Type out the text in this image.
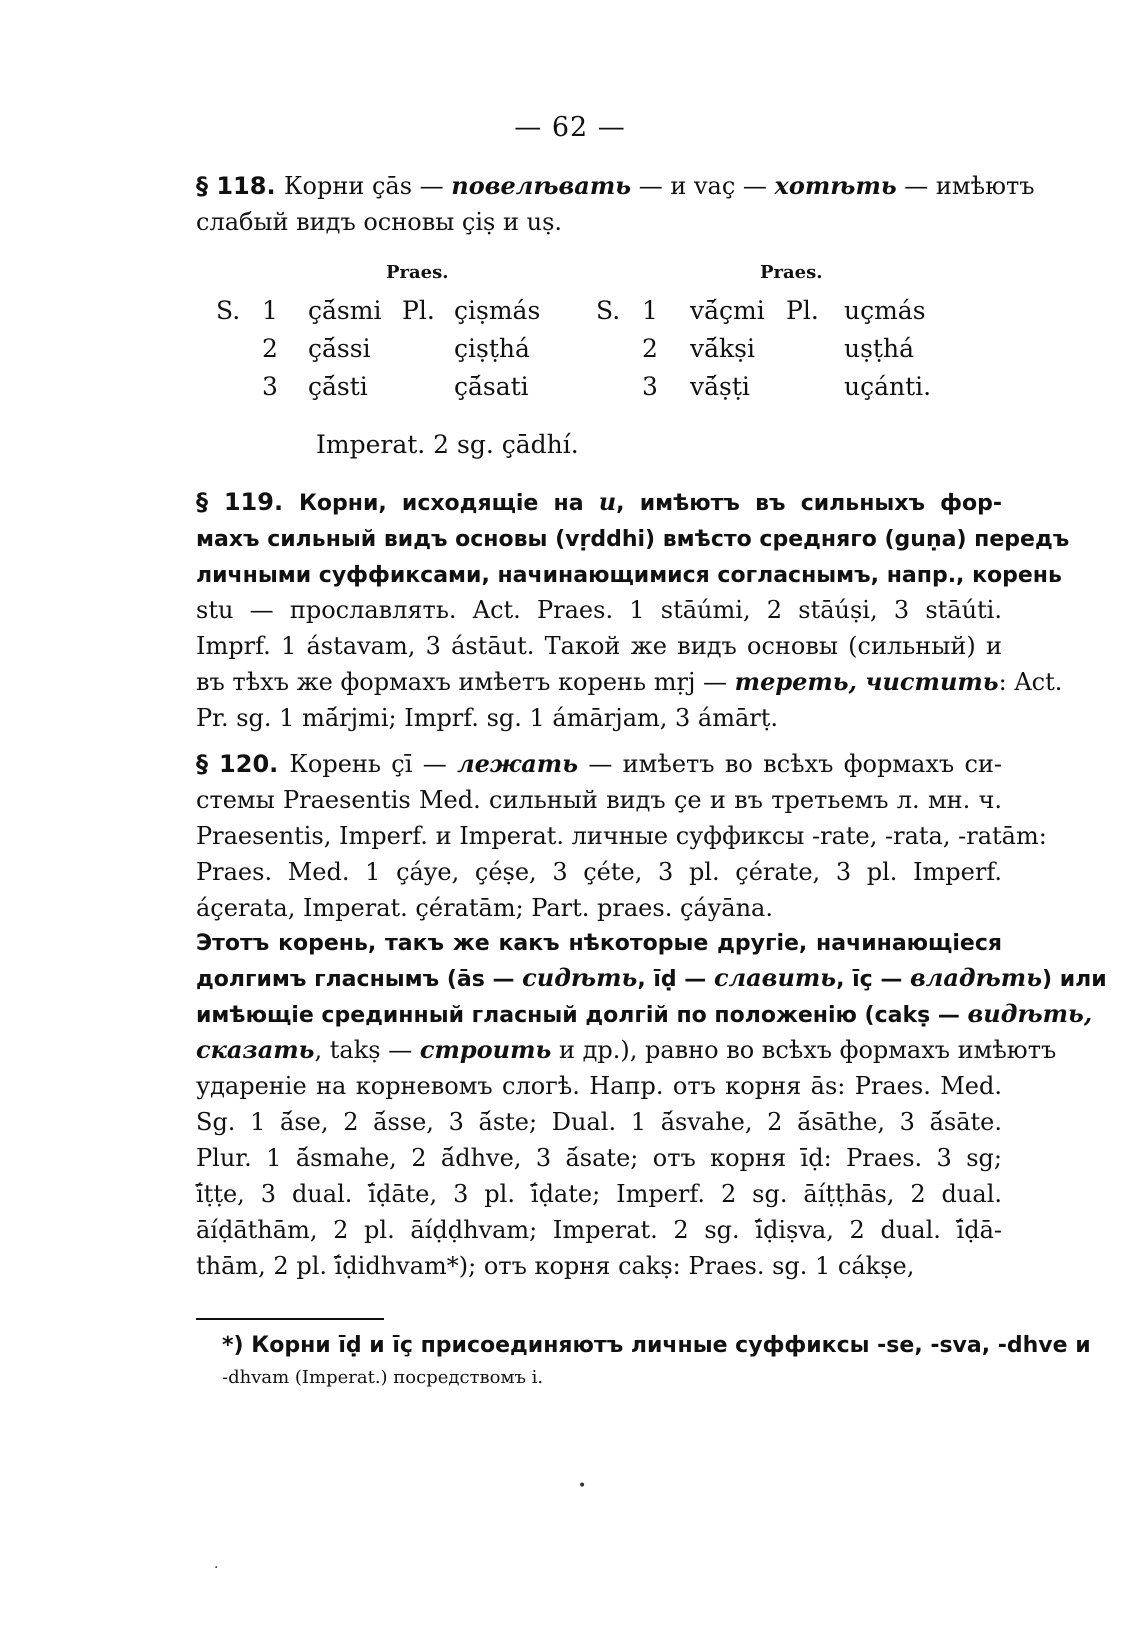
— 62 —
§ 118. Корни çās — повелѣвать — и vaç — хотѣть — имѣютъ
слабый видъ основы çiṣ и uṣ.
Praes.
S. 1
2
3
çā́smi
çā́ssi
çā́sti
Pl. çiṣmás
çiṣṭhá
çā́sati
Praes.
S. 1
2
3
vā́çmi
vā́kṣi
vā́ṣṭi
Pl. uçmás
uṣṭhá
uçánti.
Imperat. 2 sg. çādhí.
§ 119. Корни, исходящіе на u, имѣютъ въ сильныхъ фор-
махъ сильный видъ основы (vṛddhi) вмѣсто средняго (guṇa) передъ
личными суффиксами, начинающимися согласнымъ, напр., корень
stu — прославлять. Act. Praes. 1 stāúmi, 2 stāúṣi, 3 stāúti.
Imprf. 1 ástavam, 3 ástāut. Такой же видъ основы (сильный) и
въ тѣхъ же формахъ имѣетъ корень mṛj — тереть, чистить: Act.
Pr. sg. 1 mā́rjmi; Imprf. sg. 1 ámārjam, 3 ámārṭ.
§ 120. Корень çī — лежать — имѣетъ во всѣхъ формахъ си-
стемы Praesentis Med. сильный видъ çe и въ третьемъ л. мн. ч.
Praesentis, Imperf. и Imperat. личные суффиксы -rate, -rata, -ratām:
Praes. Med. 1 çáye, çéṣe, 3 çéte, 3 pl. çérate, 3 pl. Imperf.
áçerata, Imperat. çératām; Part. praes. çáyāna.
Этотъ корень, такъ же какъ нѣкоторые другіе, начинающіеся
долгимъ гласнымъ (ās — сидѣть, īḍ — славить, īç — владѣть) или
имѣющіе срединный гласный долгій по положенію (cakṣ — видѣть,
сказать, takṣ — строить и др.), равно во всѣхъ формахъ имѣютъ
удареніе на корневомъ слогѣ. Напр. отъ корня ās: Praes. Med.
Sg. 1 ā́se, 2 ā́sse, 3 ā́ste; Dual. 1 ā́svahe, 2 ā́sāthe, 3 ā́sāte.
Plur. 1 ā́smahe, 2 ā́dhve, 3 ā́sate; отъ корня īḍ: Praes. 3 sg;
ī́ṭṭe, 3 dual. ī́ḍāte, 3 pl. ī́ḍate; Imperf. 2 sg. āíṭṭhās, 2 dual.
āíḍāthām, 2 pl. āíḍḍhvam; Imperat. 2 sg. ī́ḍiṣva, 2 dual. ī́ḍā-
thām, 2 pl. ī́ḍidhvam*); отъ корня cakṣ: Praes. sg. 1 cákṣe,
*) Корни īḍ и īç присоединяютъ личные суффиксы -se, -sva, -dhve и
-dhvam (Imperat.) посредствомъ i.
•
·
